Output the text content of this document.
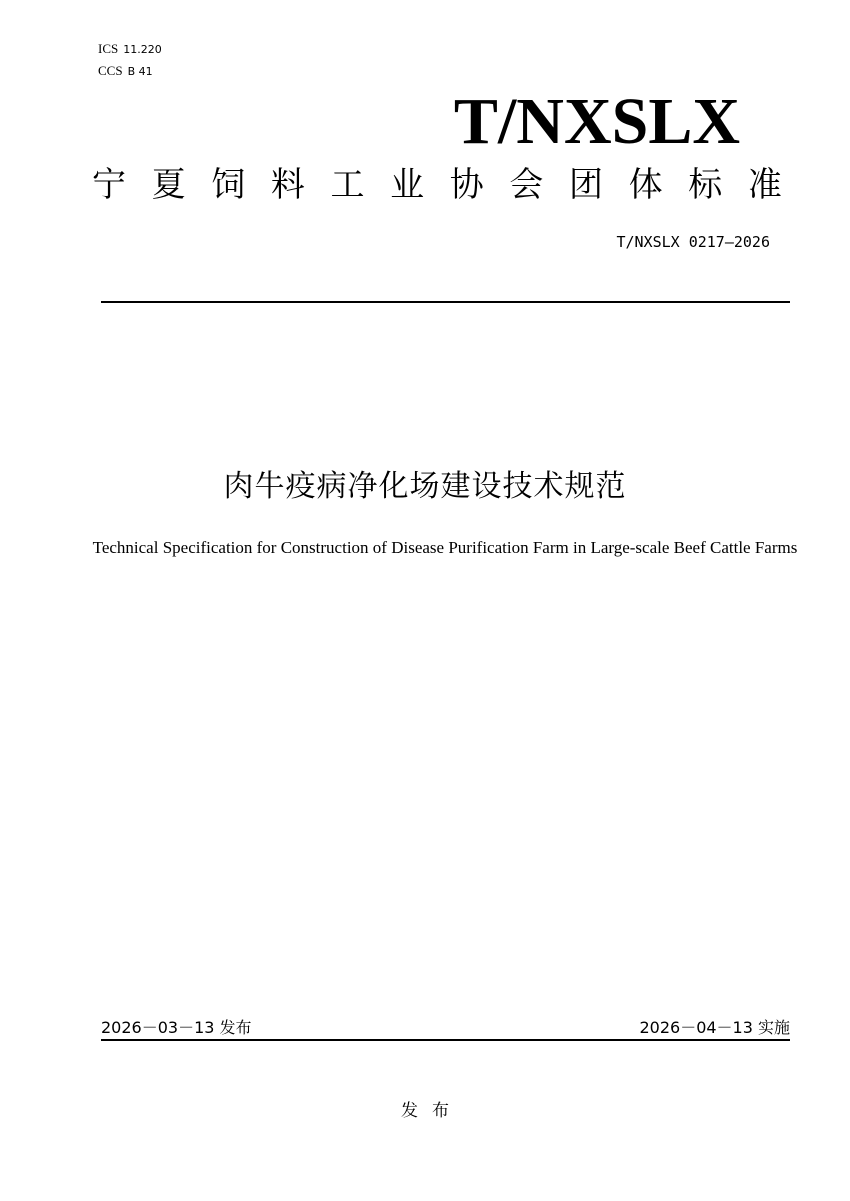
ICS 11.220
CCS B 41
T/NXSLX
宁 夏 饲 料 工 业 协 会 团 体 标 准
T/NXSLX 0217—2026
肉牛疫病净化场建设技术规范
Technical Specification for Construction of Disease Purification Farm in Large-scale Beef Cattle Farms
2026－03－13 发布	2026－04－13 实施
发 布
